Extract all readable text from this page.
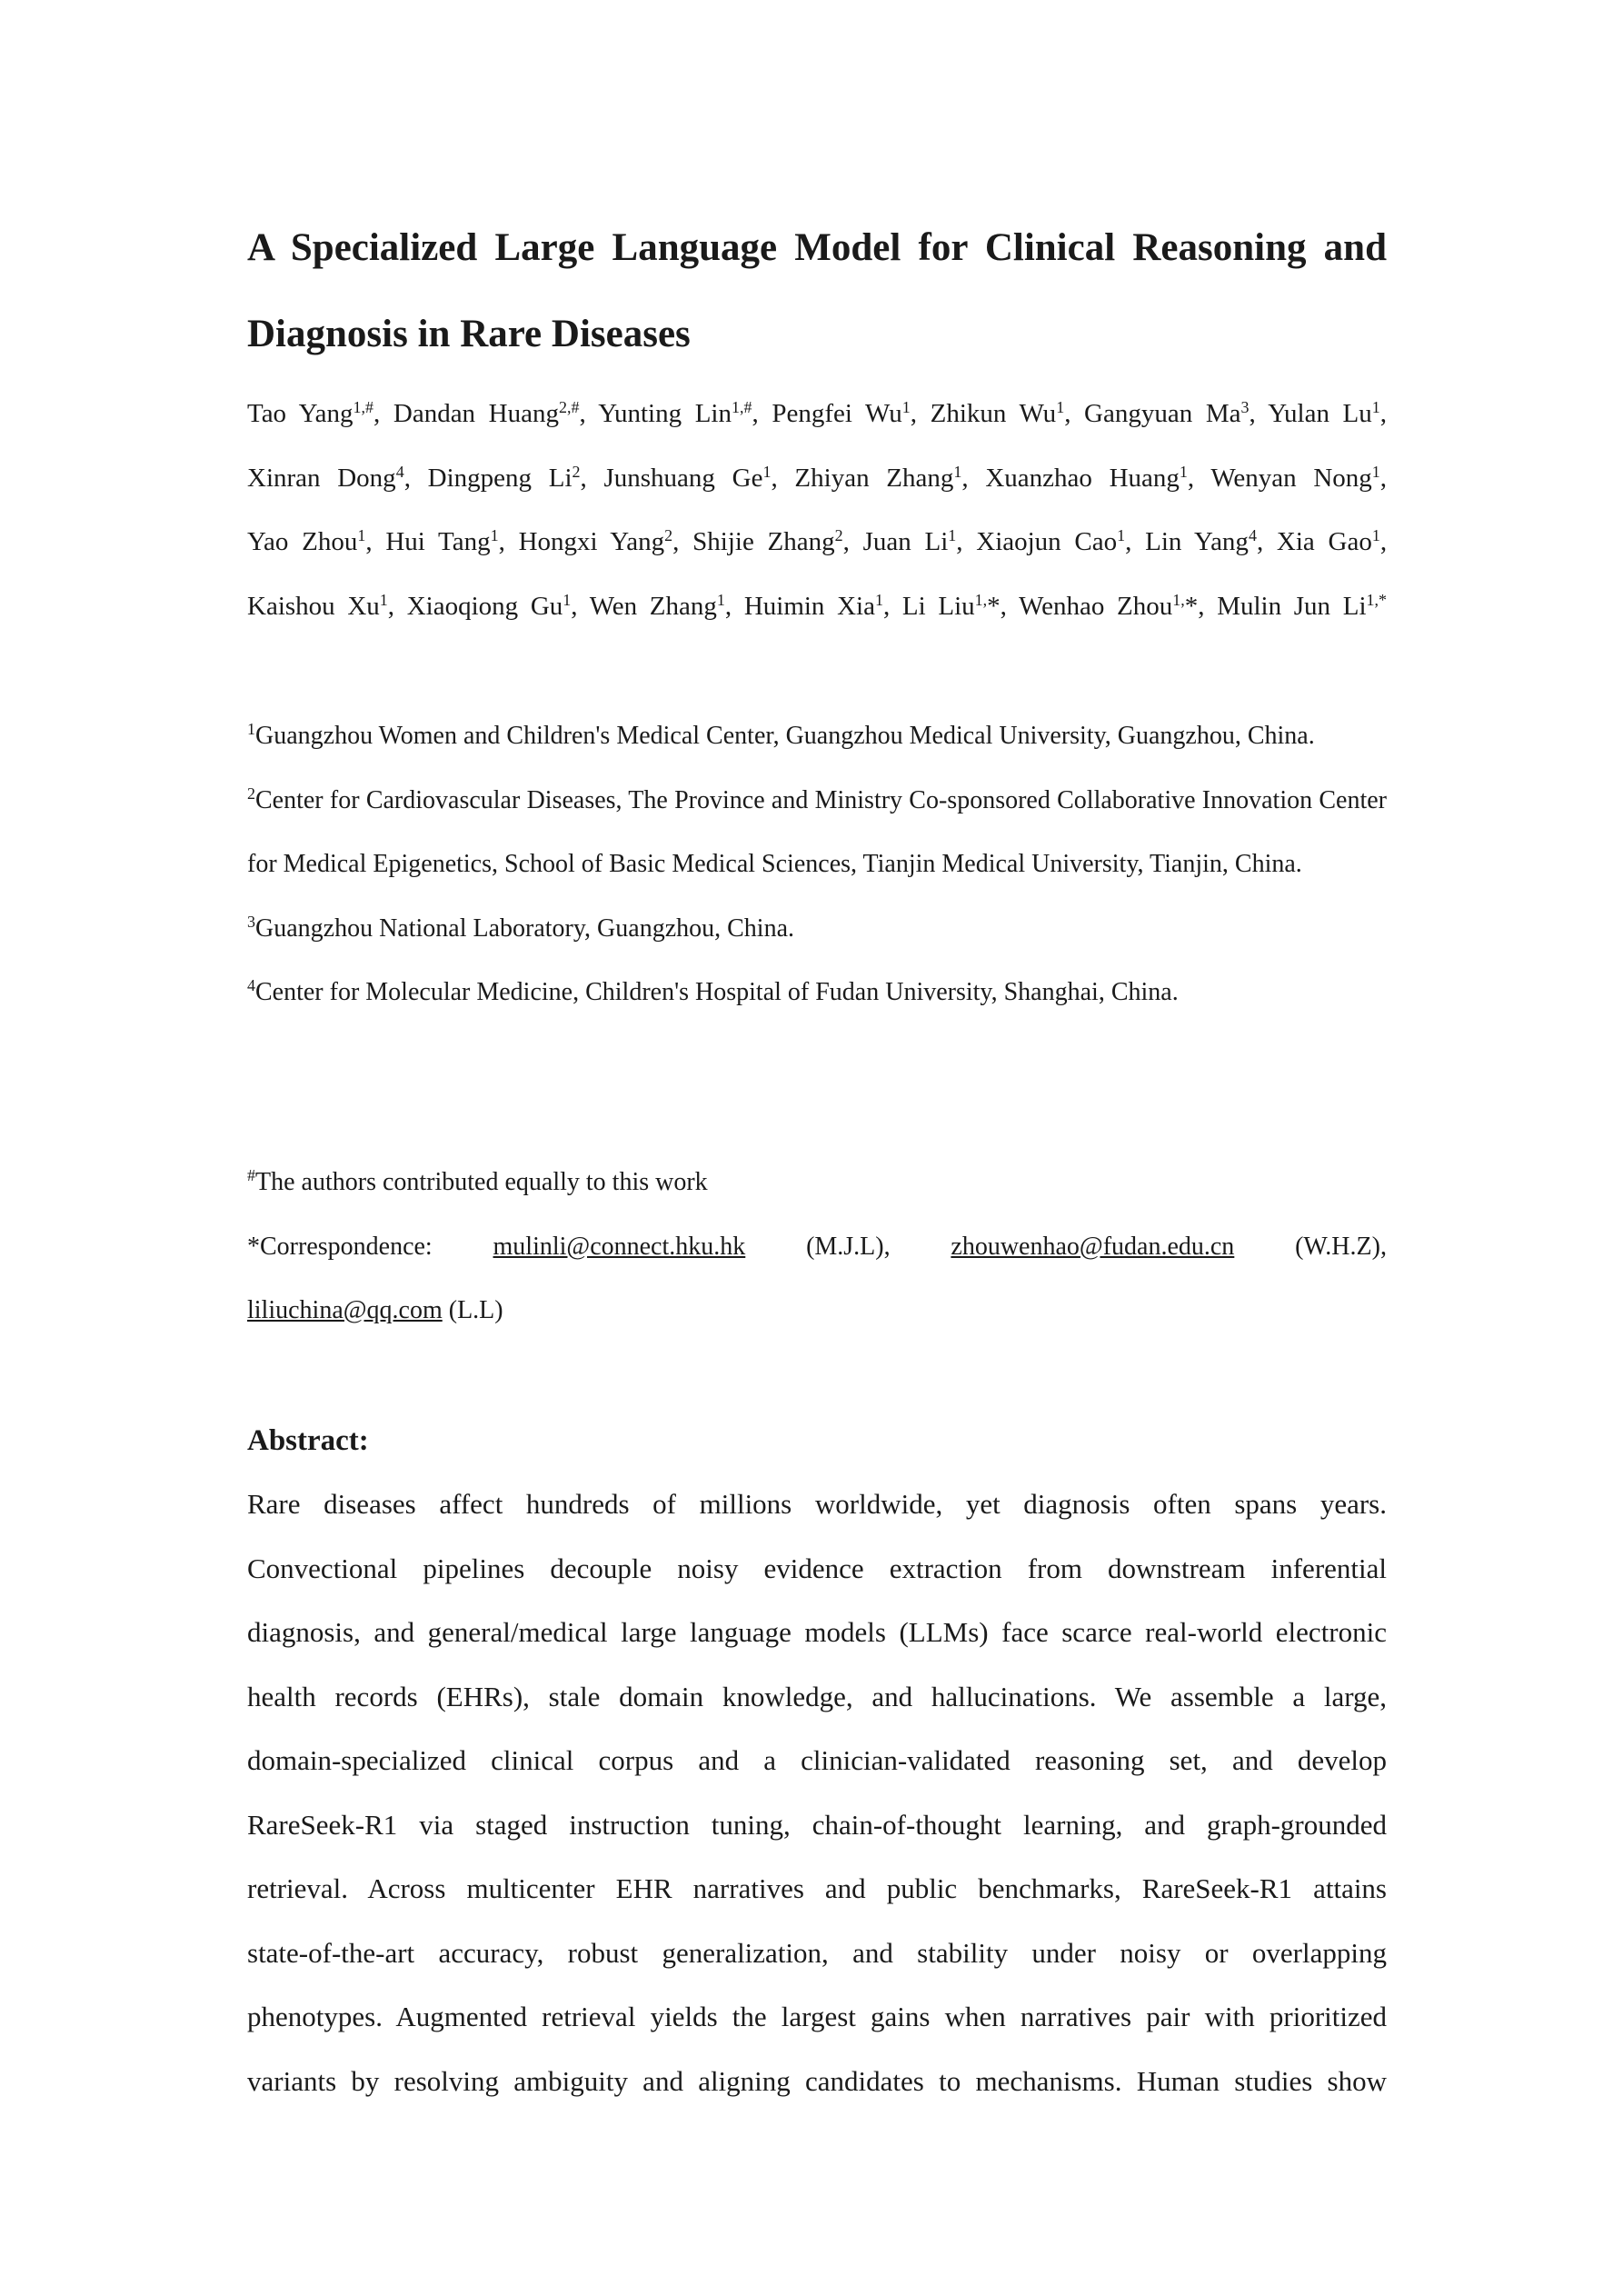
A Specialized Large Language Model for Clinical Reasoning and
Diagnosis in Rare Diseases
Tao Yang$^{1,\#}$, Dandan Huang$^{2,\#}$, Yunting Lin$^{1,\#}$, Pengfei Wu$^1$, Zhikun Wu$^1$, Gangyuan Ma$^3$, Yulan Lu$^1$,
Xinran Dong$^4$, Dingpeng Li$^2$, Junshuang Ge$^1$, Zhiyan Zhang$^1$, Xuanzhao Huang$^1$, Wenyan Nong$^1$,
Yao Zhou$^1$, Hui Tang$^1$, Hongxi Yang$^2$, Shijie Zhang$^2$, Juan Li$^1$, Xiaojun Cao$^1$, Lin Yang$^4$, Xia Gao$^1$,
Kaishou Xu$^1$, Xiaoqiong Gu$^1$, Wen Zhang$^1$, Huimin Xia$^1$, Li Liu$^{1,}$*, Wenhao Zhou$^{1,}$*, Mulin Jun $Li^{1,*}$

$^1$Guangzhou Women and Children's Medical Center, Guangzhou Medical University, Guangzhou, China.

$^2$Center for Cardiovascular Diseases, The Province and Ministry Co-sponsored Collaborative Innovation Center for Medical Epigenetics, School of Basic Medical Sciences, Tianjin Medical University, Tianjin, China.

$^3$Guangzhou National Laboratory, Guangzhou, China.

$^4$Center for Molecular Medicine, Children's Hospital of Fudan University, Shanghai, China.

#The authors contributed equally to this work

*Correspondence: mulinli@connect.hku.hk (M.J.L), zhouwenhao@fudan.edu.cn (W.H.Z),

liliuchina@qq.com (L.L)

Abstract:
Rare diseases affect hundreds of millions worldwide, yet diagnosis often spans years.
Convectional pipelines decouple noisy evidence extraction from downstream inferential
diagnosis, and general/medical large language models (LLMs) face scarce real-world electronic
health records (EHRs), stale domain knowledge, and hallucinations. We assemble a large,
domain-specialized clinical corpus and a clinician-validated reasoning set, and develop
RareSeek-R1 via staged instruction tuning, chain-of-thought learning, and graph-grounded
retrieval. Across multicenter EHR narratives and public benchmarks, RareSeek-R1 attains
state-of-the-art accuracy, robust generalization, and stability under noisy or overlapping
phenotypes. Augmented retrieval yields the largest gains when narratives pair with prioritized
variants by resolving ambiguity and aligning candidates to mechanisms. Human studies show
